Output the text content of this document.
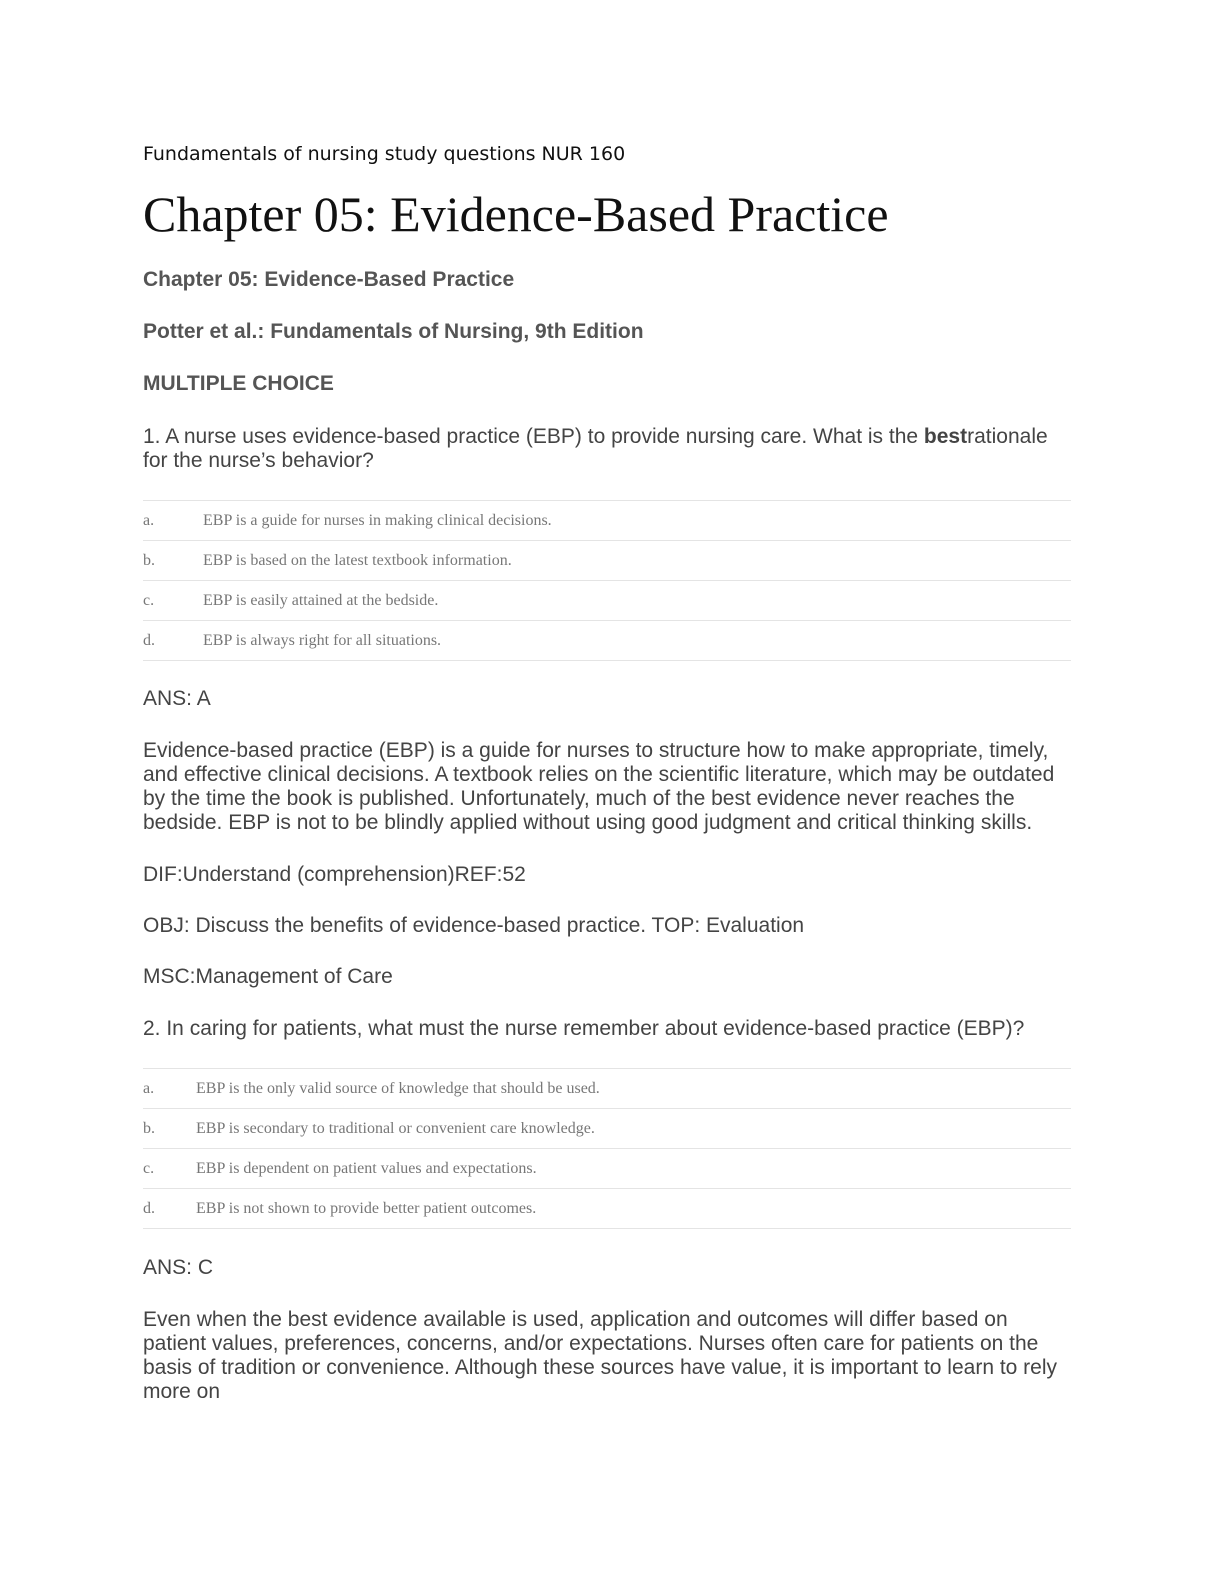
Fundamentals of nursing study questions NUR 160
Chapter 05: Evidence-Based Practice
Chapter 05: Evidence-Based Practice
Potter et al.: Fundamentals of Nursing, 9th Edition
MULTIPLE CHOICE
1. A nurse uses evidence-based practice (EBP) to provide nursing care. What is the bestrationale for the nurse’s behavior?
a.	EBP is a guide for nurses in making clinical decisions.
b.	EBP is based on the latest textbook information.
c.	EBP is easily attained at the bedside.
d.	EBP is always right for all situations.
ANS: A
Evidence-based practice (EBP) is a guide for nurses to structure how to make appropriate, timely, and effective clinical decisions. A textbook relies on the scientific literature, which may be outdated by the time the book is published. Unfortunately, much of the best evidence never reaches the bedside. EBP is not to be blindly applied without using good judgment and critical thinking skills.
DIF:Understand (comprehension)REF:52
OBJ: Discuss the benefits of evidence-based practice. TOP: Evaluation
MSC:Management of Care
2. In caring for patients, what must the nurse remember about evidence-based practice (EBP)?
a.	EBP is the only valid source of knowledge that should be used.
b.	EBP is secondary to traditional or convenient care knowledge.
c.	EBP is dependent on patient values and expectations.
d.	EBP is not shown to provide better patient outcomes.
ANS: C
Even when the best evidence available is used, application and outcomes will differ based on patient values, preferences, concerns, and/or expectations. Nurses often care for patients on the basis of tradition or convenience. Although these sources have value, it is important to learn to rely more on
